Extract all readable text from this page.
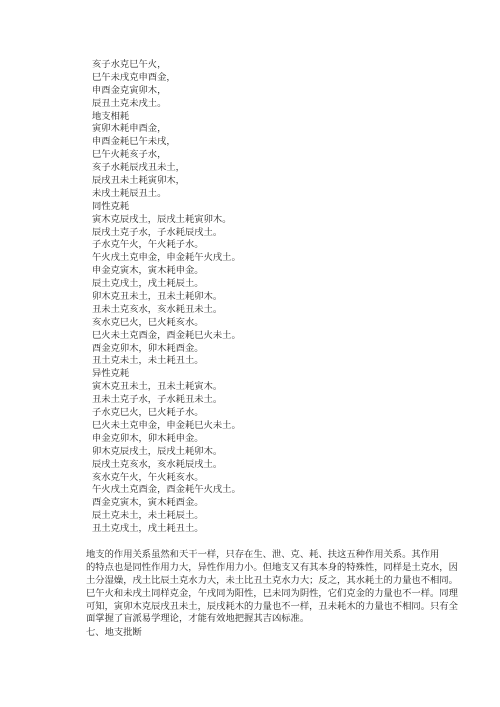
亥子水克巳午火，
巳午未戌克申酉金，
申酉金克寅卯木，
辰丑土克未戌土。
地支相耗
寅卯木耗申酉金，
申酉金耗巳午未戌，
巳午火耗亥子水，
亥子水耗辰戌丑未土，
辰戌丑未土耗寅卯木，
未戌土耗辰丑土。
同性克耗
寅木克辰戌土，辰戌土耗寅卯木。
辰戌土克子水，子水耗辰戌土。
子水克午火，午火耗子水。
午火戌土克申金，申金耗午火戌土。
申金克寅木，寅木耗申金。
辰土克戌土，戌土耗辰土。
卯木克丑未土，丑未土耗卯木。
丑未土克亥水，亥水耗丑未土。
亥水克巳火，巳火耗亥水。
巳火未土克酉金，酉金耗巳火未土。
酉金克卯木，卯木耗酉金。
丑土克未土，未土耗丑土。
异性克耗
寅木克丑未土，丑未土耗寅木。
丑未土克子水，子水耗丑未土。
子水克巳火，巳火耗子水。
巳火未土克申金，申金耗巳火未土。
申金克卯木，卯木耗申金。
卯木克辰戌土，辰戌土耗卯木。
辰戌土克亥水，亥水耗辰戌土。
亥水克午火，午火耗亥水。
午火戌土克酉金，酉金耗午火戌土。
酉金克寅木，寅木耗酉金。
辰土克未土，未土耗辰土。
丑土克戌土，戌土耗丑土。
地支的作用关系虽然和天干一样，只存在生、泄、克、耗、扶这五种作用关系。其作用
的特点也是同性作用力大，异性作用力小。但地支又有其本身的特殊性，同样是土克水，因
土分湿燥，戌土比辰土克水力大，未土比丑土克水力大；反之，其水耗土的力量也不相同。
巳午火和未戌土同样克金，午戌同为阳性，巳未同为阴性，它们克金的力量也不一样。同理
可知，寅卯木克辰戌丑未土，辰戌耗木的力量也不一样，丑未耗木的力量也不相同。只有全
面掌握了盲派易学理论，才能有效地把握其吉凶标准。
七、地支批断
